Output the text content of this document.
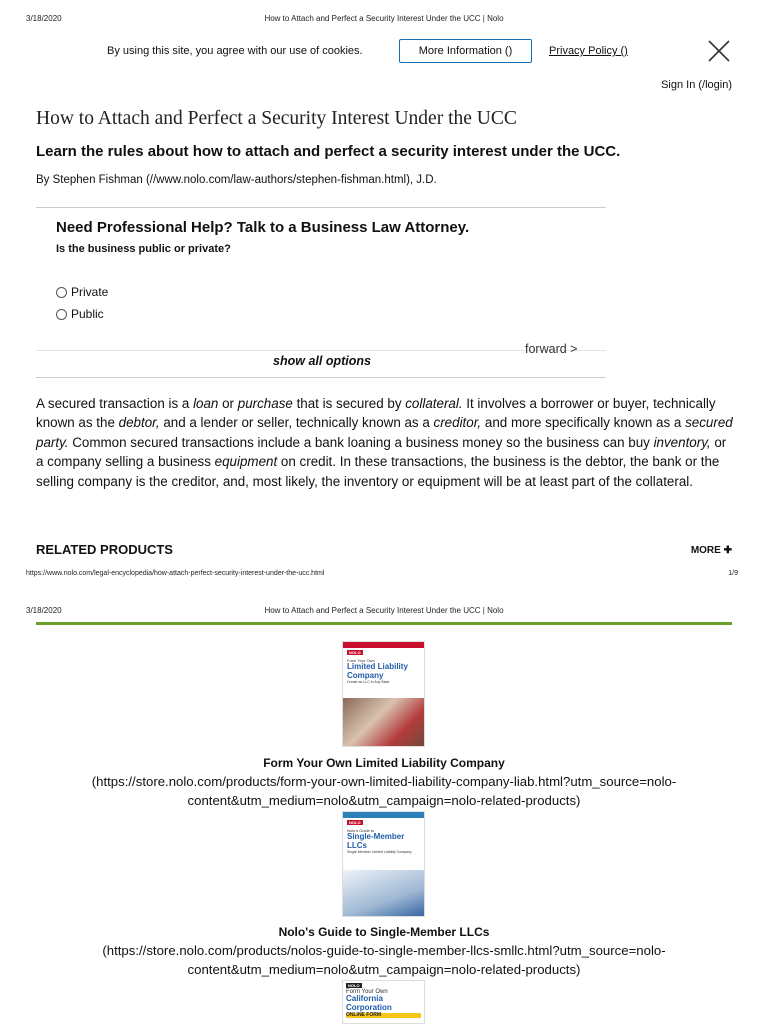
3/18/2020	How to Attach and Perfect a Security Interest Under the UCC | Nolo
By using this site, you agree with our use of cookies.	More Information ()	Privacy Policy ()
Sign In (/login)
How to Attach and Perfect a Security Interest Under the UCC
Learn the rules about how to attach and perfect a security interest under the UCC.
By Stephen Fishman (//www.nolo.com/law-authors/stephen-fishman.html), J.D.
Need Professional Help? Talk to a Business Law Attorney.
Is the business public or private?
Private
Public
forward >
show all options
A secured transaction is a loan or purchase that is secured by collateral. It involves a borrower or buyer, technically known as the debtor, and a lender or seller, technically known as a creditor, and more specifically known as a secured party. Common secured transactions include a bank loaning a business money so the business can buy inventory, or a company selling a business equipment on credit. In these transactions, the business is the debtor, the bank or the selling company is the creditor, and, most likely, the inventory or equipment will be at least part of the collateral.
RELATED PRODUCTS	MORE ✚
https://www.nolo.com/legal-encyclopedia/how-attach-perfect-security-interest-under-the-ucc.html	1/9
3/18/2020	How to Attach and Perfect a Security Interest Under the UCC | Nolo
NOLO
Form Your Own
Limited Liability Company
Create an LLC in Any State
Form Your Own Limited Liability Company
(https://store.nolo.com/products/form-your-own-limited-liability-company-liab.html?utm_source=nolo-content&utm_medium=nolo&utm_campaign=nolo-related-products)
NOLO
Nolo's Guide to
Single-Member LLCs
Single-Member Limited Liability Company
Nolo's Guide to Single-Member LLCs
(https://store.nolo.com/products/nolos-guide-to-single-member-llcs-smllc.html?utm_source=nolo-content&utm_medium=nolo&utm_campaign=nolo-related-products)
NOLO
Form Your Own
California Corporation
ONLINE FORM
